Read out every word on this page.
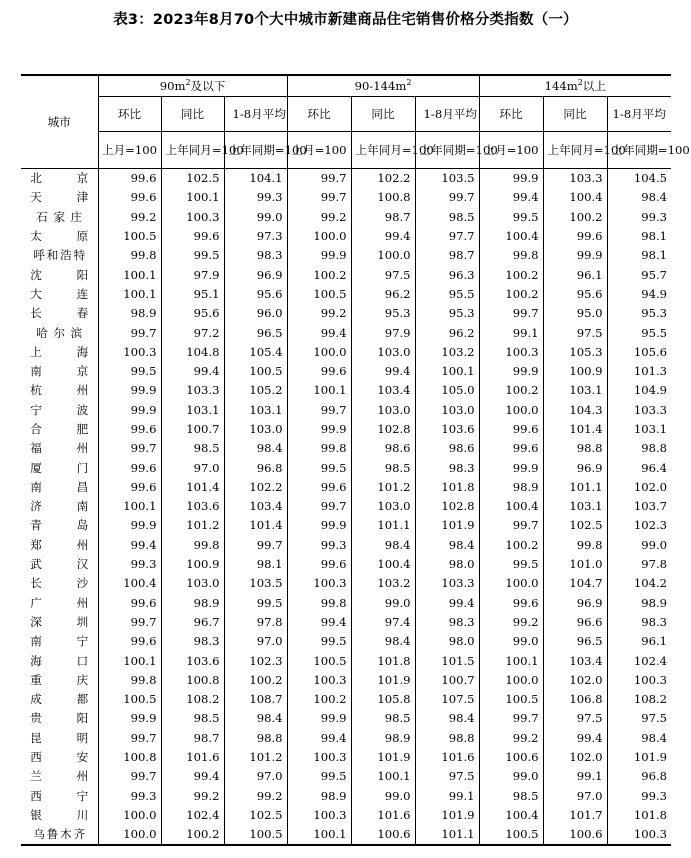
表3：2023年8月70个大中城市新建商品住宅销售价格分类指数（一）
城市	$90m^2$及以下			$90-144m^2$			$144m^2$以上		
	环比	同比	1-8月平均	环比	同比	1-8月平均	环比	同比	1-8月平均
	上月=100	上年同月=100	上年同期=100	上月=100	上年同月=100	上年同期=100	上月=100	上年同月=100	上年同期=100
北京	99.6	102.5	104.1	99.7	102.2	103.5	99.9	103.3	104.5
天津	99.6	100.1	99.3	99.7	100.8	99.7	99.4	100.4	98.4
石家庄	99.2	100.3	99.0	99.2	98.7	98.5	99.5	100.2	99.3
太原	100.5	99.6	97.3	100.0	99.4	97.7	100.4	99.6	98.1
呼和浩特	99.8	99.5	98.3	99.9	100.0	98.7	99.8	99.9	98.1
沈阳	100.1	97.9	96.9	100.2	97.5	96.3	100.2	96.1	95.7
大连	100.1	95.1	95.6	100.5	96.2	95.5	100.2	95.6	94.9
长春	98.9	95.6	96.0	99.2	95.3	95.3	99.7	95.0	95.3
哈尔滨	99.7	97.2	96.5	99.4	97.9	96.2	99.1	97.5	95.5
上海	100.3	104.8	105.4	100.0	103.0	103.2	100.3	105.3	105.6
南京	99.5	99.4	100.5	99.6	99.4	100.1	99.9	100.9	101.3
杭州	99.9	103.3	105.2	100.1	103.4	105.0	100.2	103.1	104.9
宁波	99.9	103.1	103.1	99.7	103.0	103.0	100.0	104.3	103.3
合肥	99.6	100.7	103.0	99.9	102.8	103.6	99.6	101.4	103.1
福州	99.7	98.5	98.4	99.8	98.6	98.6	99.6	98.8	98.8
厦门	99.6	97.0	96.8	99.5	98.5	98.3	99.9	96.9	96.4
南昌	99.6	101.4	102.2	99.6	101.2	101.8	98.9	101.1	102.0
济南	100.1	103.6	103.4	99.7	103.0	102.8	100.4	103.1	103.7
青岛	99.9	101.2	101.4	99.9	101.1	101.9	99.7	102.5	102.3
郑州	99.4	99.8	99.7	99.3	98.4	98.4	100.2	99.8	99.0
武汉	99.3	100.9	98.1	99.6	100.4	98.0	99.5	101.0	97.8
长沙	100.4	103.0	103.5	100.3	103.2	103.3	100.0	104.7	104.2
广州	99.6	98.9	99.5	99.8	99.0	99.4	99.6	96.9	98.9
深圳	99.7	96.7	97.8	99.4	97.4	98.3	99.2	96.6	98.3
南宁	99.6	98.3	97.0	99.5	98.4	98.0	99.0	96.5	96.1
海口	100.1	103.6	102.3	100.5	101.8	101.5	100.1	103.4	102.4
重庆	99.8	100.8	100.2	100.3	101.9	100.7	100.0	102.0	100.3
成都	100.5	108.2	108.7	100.2	105.8	107.5	100.5	106.8	108.2
贵阳	99.9	98.5	98.4	99.9	98.5	98.4	99.7	97.5	97.5
昆明	99.7	98.7	98.8	99.4	98.9	98.8	99.2	99.4	98.4
西安	100.8	101.6	101.2	100.3	101.9	101.6	100.6	102.0	101.9
兰州	99.7	99.4	97.0	99.5	100.1	97.5	99.0	99.1	96.8
西宁	99.3	99.2	99.2	98.9	99.0	99.1	98.5	97.0	99.3
银川	100.0	102.4	102.5	100.3	101.6	101.9	100.4	101.7	101.8
乌鲁木齐	100.0	100.2	100.5	100.1	100.6	101.1	100.5	100.6	100.3
